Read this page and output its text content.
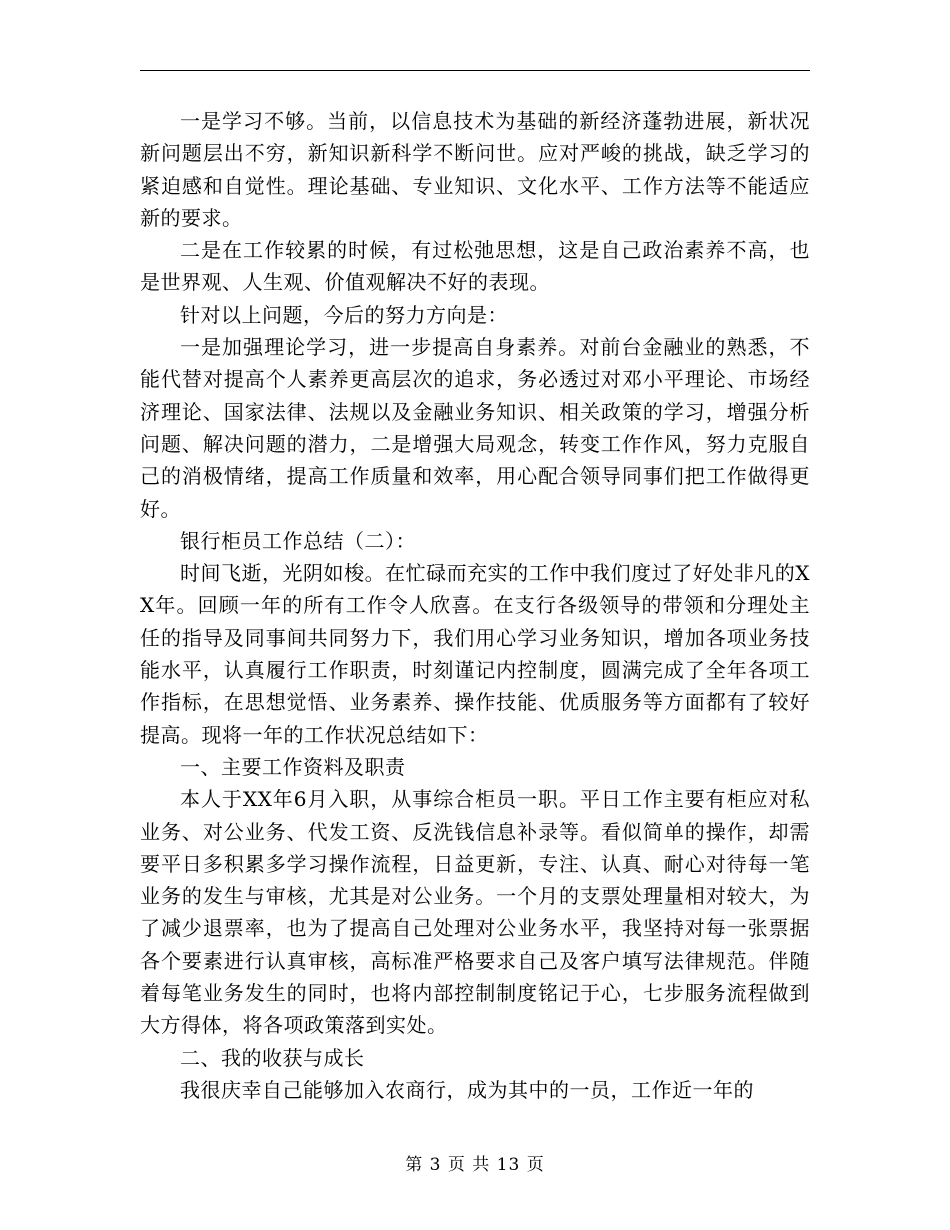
一是学习不够。当前，以信息技术为基础的新经济蓬勃进展，新状况新问题层出不穷，新知识新科学不断问世。应对严峻的挑战，缺乏学习的紧迫感和自觉性。理论基础、专业知识、文化水平、工作方法等不能适应新的要求。

二是在工作较累的时候，有过松弛思想，这是自己政治素养不高，也是世界观、人生观、价值观解决不好的表现。

针对以上问题，今后的努力方向是：

一是加强理论学习，进一步提高自身素养。对前台金融业的熟悉，不能代替对提高个人素养更高层次的追求，务必透过对邓小平理论、市场经济理论、国家法律、法规以及金融业务知识、相关政策的学习，增强分析问题、解决问题的潜力，二是增强大局观念，转变工作作风，努力克服自己的消极情绪，提高工作质量和效率，用心配合领导同事们把工作做得更好。

银行柜员工作总结（二）：

时间飞逝，光阴如梭。在忙碌而充实的工作中我们度过了好处非凡的XX年。回顾一年的所有工作令人欣喜。在支行各级领导的带领和分理处主任的指导及同事间共同努力下，我们用心学习业务知识，增加各项业务技能水平，认真履行工作职责，时刻谨记内控制度，圆满完成了全年各项工作指标，在思想觉悟、业务素养、操作技能、优质服务等方面都有了较好提高。现将一年的工作状况总结如下：

一、主要工作资料及职责

本人于XX年6月入职，从事综合柜员一职。平日工作主要有柜应对私业务、对公业务、代发工资、反洗钱信息补录等。看似简单的操作，却需要平日多积累多学习操作流程，日益更新，专注、认真、耐心对待每一笔业务的发生与审核，尤其是对公业务。一个月的支票处理量相对较大，为了减少退票率，也为了提高自己处理对公业务水平，我坚持对每一张票据各个要素进行认真审核，高标准严格要求自己及客户填写法律规范。伴随着每笔业务发生的同时，也将内部控制制度铭记于心，七步服务流程做到大方得体，将各项政策落到实处。

二、我的收获与成长

我很庆幸自己能够加入农商行，成为其中的一员，工作近一年的

第 3 页 共 13 页
